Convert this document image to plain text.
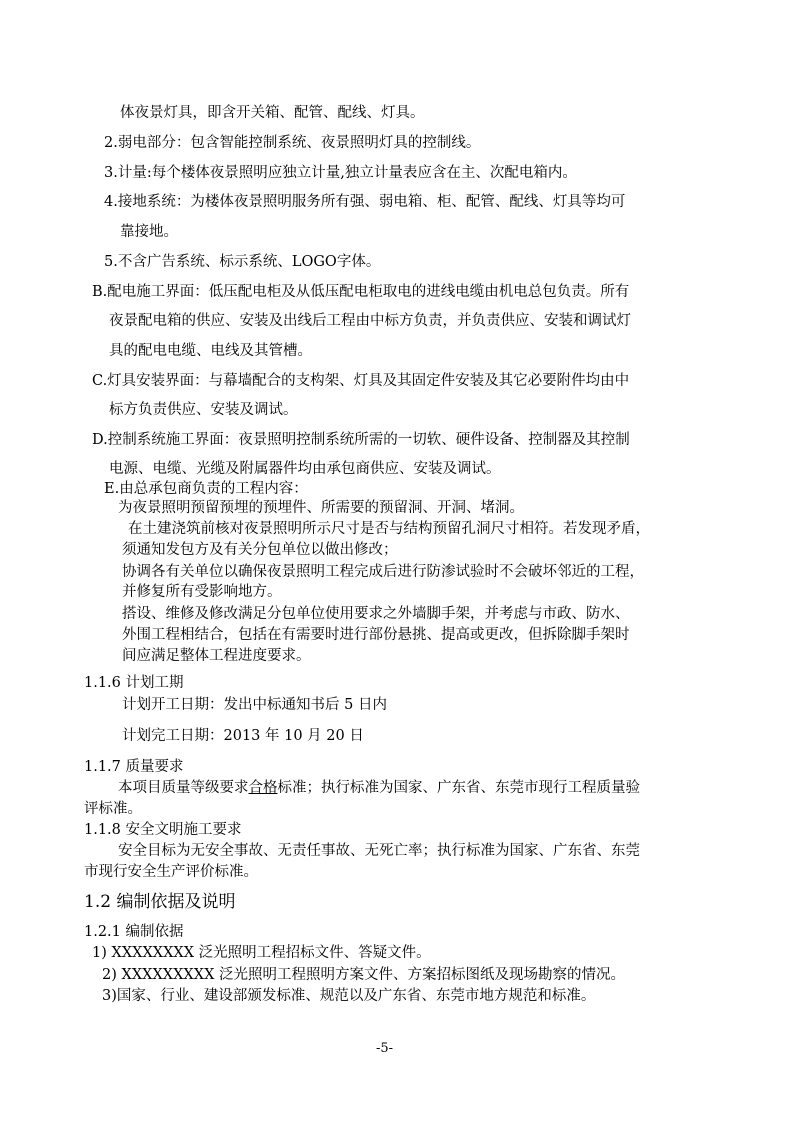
体夜景灯具，即含开关箱、配管、配线、灯具。
2.弱电部分：包含智能控制系统、夜景照明灯具的控制线。
3.计量:每个楼体夜景照明应独立计量,独立计量表应含在主、次配电箱内。
4.接地系统：为楼体夜景照明服务所有强、弱电箱、柜、配管、配线、灯具等均可
靠接地。
5.不含广告系统、标示系统、LOGO字体。
B.配电施工界面：低压配电柜及从低压配电柜取电的进线电缆由机电总包负责。所有
夜景配电箱的供应、安装及出线后工程由中标方负责，并负责供应、安装和调试灯
具的配电电缆、电线及其管槽。
C.灯具安装界面：与幕墙配合的支构架、灯具及其固定件安装及其它必要附件均由中
标方负责供应、安装及调试。
D.控制系统施工界面：夜景照明控制系统所需的一切软、硬件设备、控制器及其控制
电源、电缆、光缆及附属器件均由承包商供应、安装及调试。
E.由总承包商负责的工程内容：
为夜景照明预留预埋的预埋件、所需要的预留洞、开洞、堵洞。
在土建浇筑前核对夜景照明所示尺寸是否与结构预留孔洞尺寸相符。若发现矛盾，
须通知发包方及有关分包单位以做出修改；
协调各有关单位以确保夜景照明工程完成后进行防渗试验时不会破坏邻近的工程，
并修复所有受影响地方。
搭设、维修及修改满足分包单位使用要求之外墙脚手架，并考虑与市政、防水、
外围工程相结合，包括在有需要时进行部份悬挑、提高或更改，但拆除脚手架时
间应满足整体工程进度要求。
1.1.6 计划工期
计划开工日期：发出中标通知书后 5 日内
计划完工日期：2013 年 10 月 20 日
1.1.7 质量要求
本项目质量等级要求合格标准；执行标准为国家、广东省、东莞市现行工程质量验
评标准。
1.1.8 安全文明施工要求
安全目标为无安全事故、无责任事故、无死亡率；执行标准为国家、广东省、东莞
市现行安全生产评价标准。
1.2 编制依据及说明
1.2.1 编制依据
1) XXXXXXXX 泛光照明工程招标文件、答疑文件。
2) XXXXXXXXX 泛光照明工程照明方案文件、方案招标图纸及现场勘察的情况。
3)国家、行业、建设部颁发标准、规范以及广东省、东莞市地方规范和标准。
-5-
